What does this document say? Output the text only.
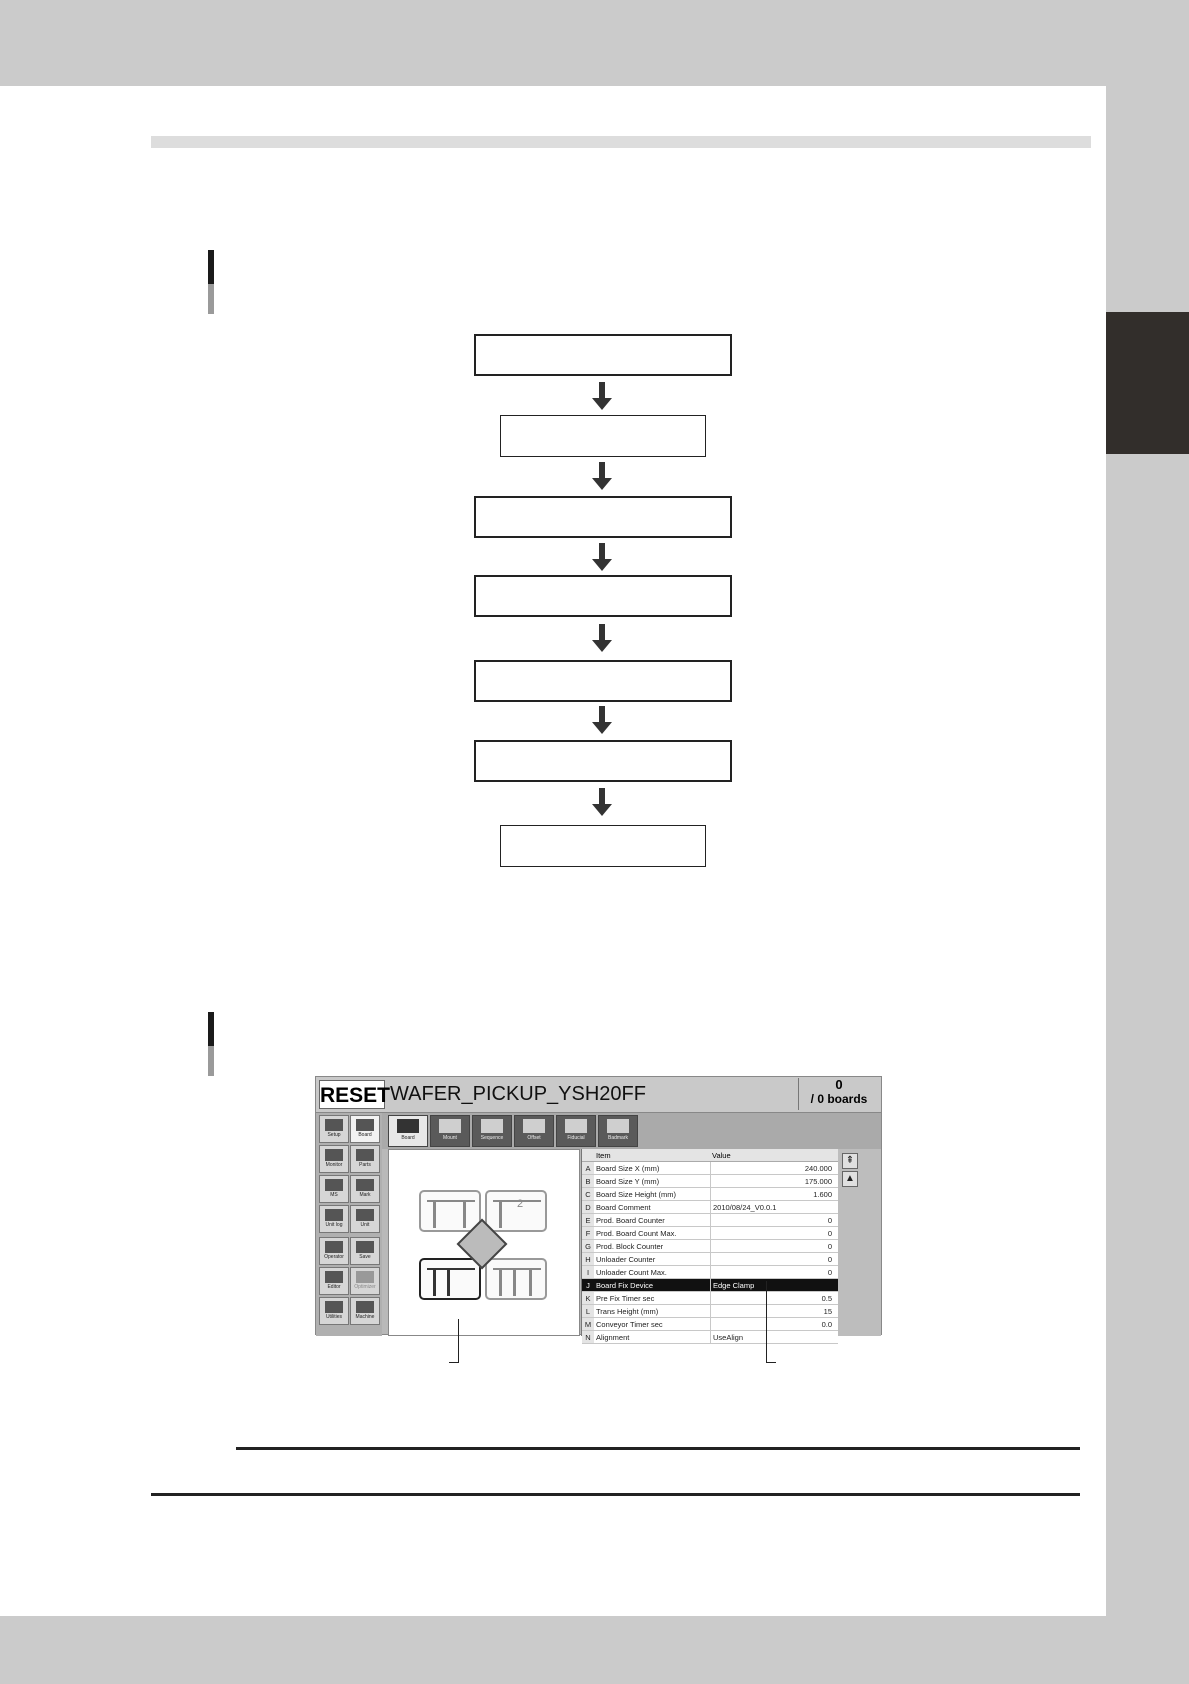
RESET WAFER_PICKUP_YSH20FF	0
/ 0 boards
Setup	Board
Monitor	Parts
MS	Mark
Unit log	Unit
Operator	Save
Editor	Optimizer
Utilities	Machine
Board	Mount	Sequence	Offset	Fiducial	Badmark
2
Item	Value
A Board Size X (mm)	240.000
B Board Size Y (mm)	175.000
C Board Size Height (mm)	1.600
D Board Comment	2010/08/24_V0.0.1
E Prod. Board Counter	0
F Prod. Board Count Max.	0
G Prod. Block Counter	0
H Unloader Counter	0
I Unloader Count Max.	0
J Board Fix Device	Edge Clamp
K Pre Fix Timer sec	0.5
L Trans Height (mm)	15
M Conveyor Timer sec	0.0
N Alignment	UseAlign
⇞
▲
